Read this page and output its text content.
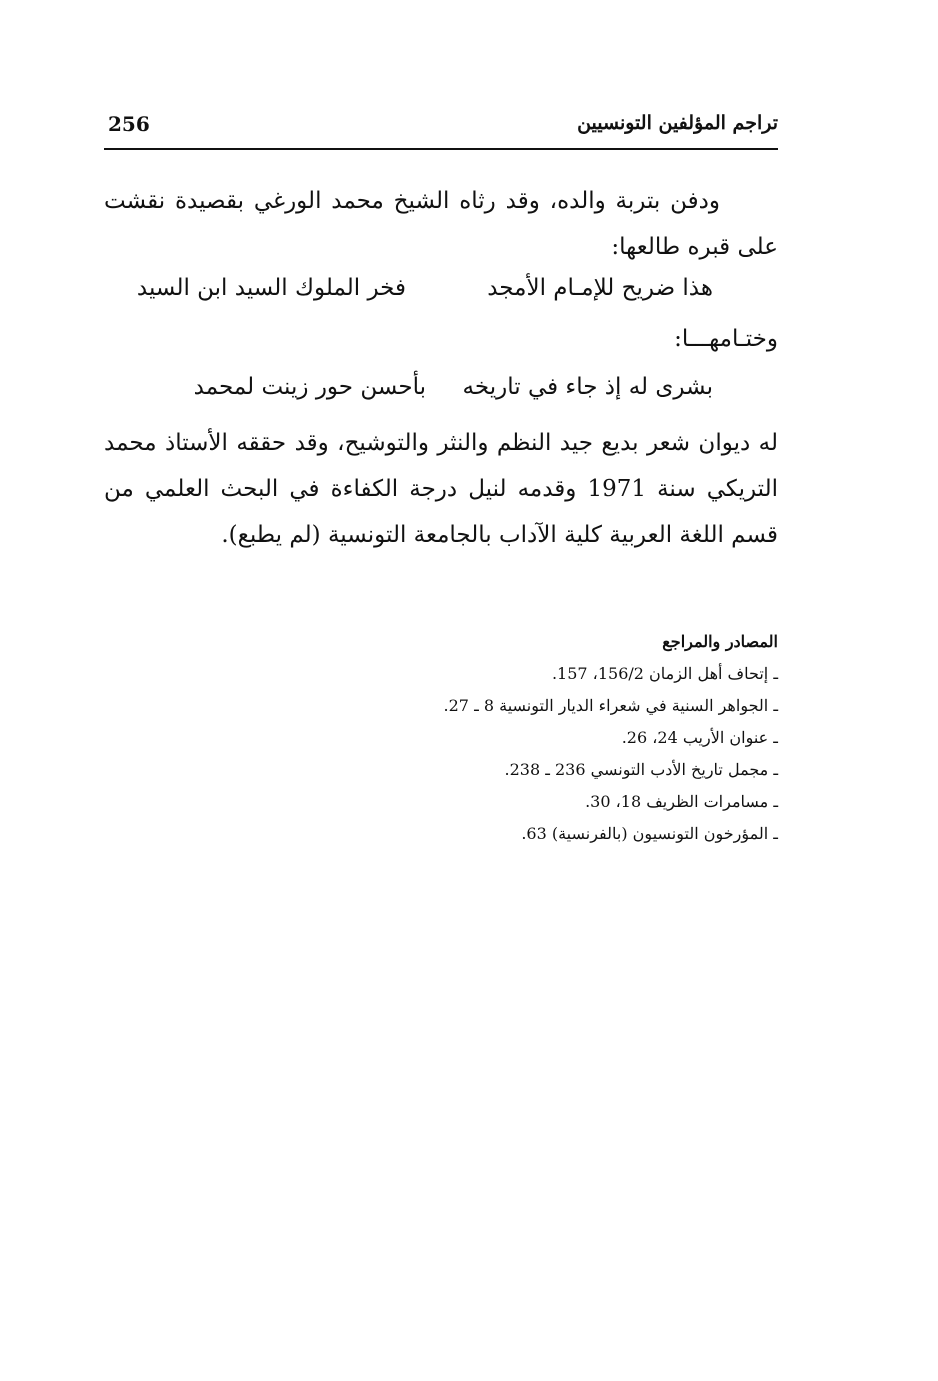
256	تراجم المؤلفين التونسيين
ودفن بتربة والده، وقد رثاه الشيخ محمد الورغي بقصيدة نقشت على قبره طالعها:
هذا ضريح للإمـام الأمجد
فخر الملوك السيد ابن السيد
وختـامهـــا:
بشرى له إذ جاء في تاريخه
بأحسن حور زينت لمحمد
له ديوان شعر بديع جيد النظم والنثر والتوشيح، وقد حققه الأستاذ محمد التريكي سنة 1971 وقدمه لنيل درجة الكفاءة في البحث العلمي من قسم اللغة العربية كلية الآداب بالجامعة التونسية (لم يطبع).
المصادر والمراجع
ـ إتحاف أهل الزمان 156/2، 157.
ـ الجواهر السنية في شعراء الديار التونسية 8 ـ 27.
ـ عنوان الأريب 24، 26.
ـ مجمل تاريخ الأدب التونسي 236 ـ 238.
ـ مسامرات الظريف 18، 30.
ـ المؤرخون التونسيون (بالفرنسية) 63.
